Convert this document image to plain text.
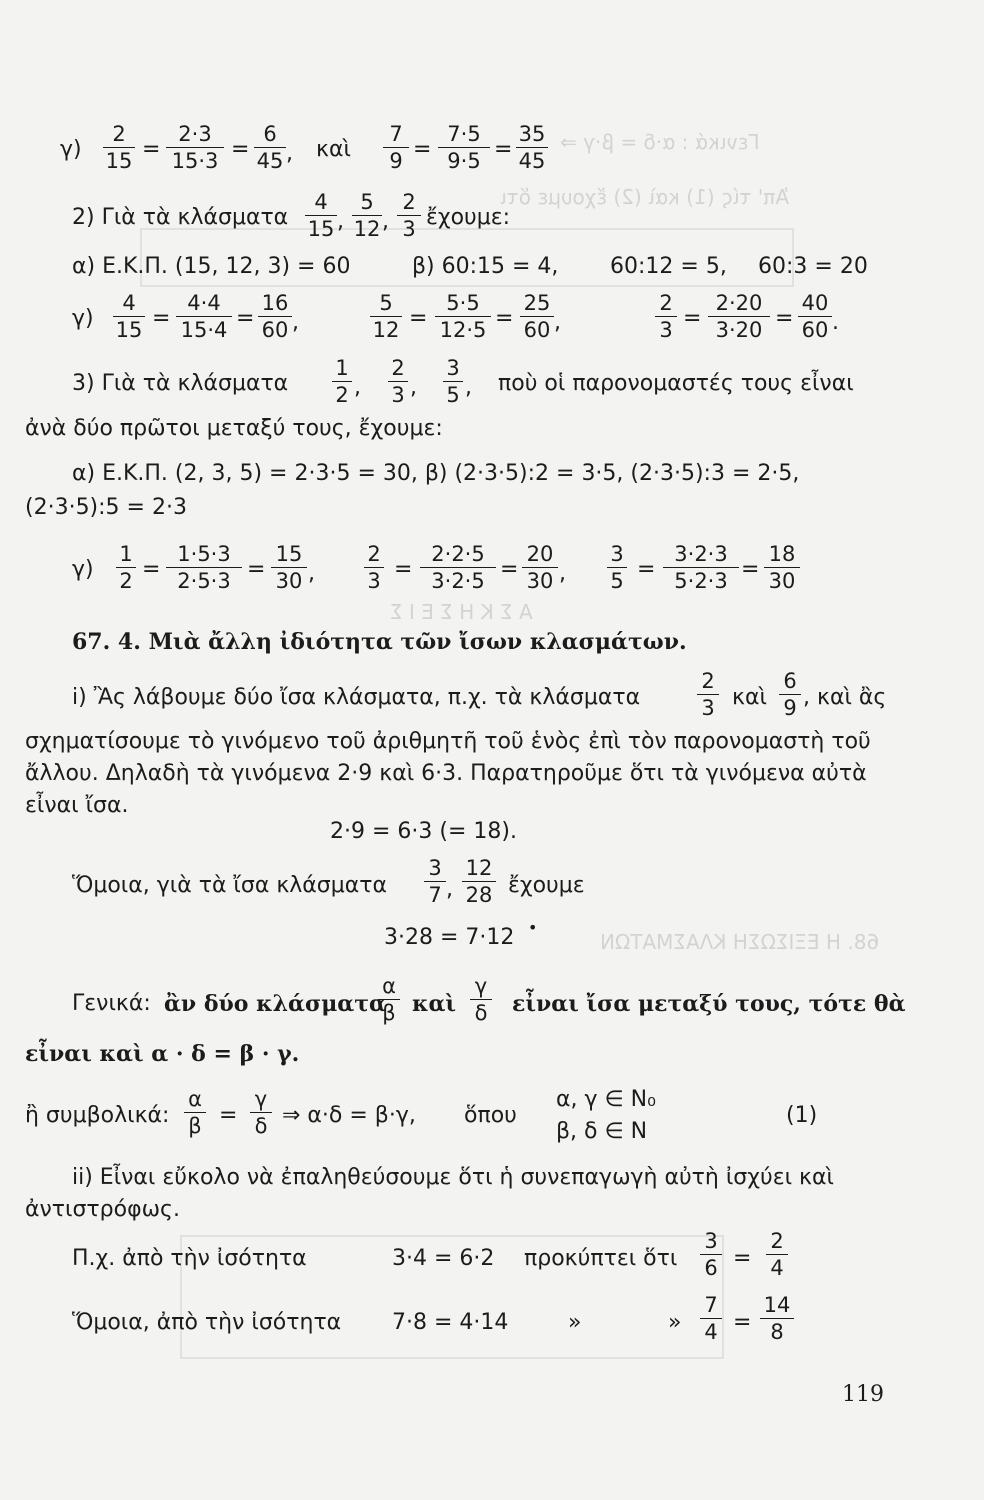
Γενικά : α·δ = β·γ ⇒
Ἀπ' τίς (1) καὶ (2) ἔχουμε ὅτι
Α Σ Κ Η Σ Ε Ι Σ
68. Η ΕΞΙΣΩΣΗ ΚΛΑΣΜΑΤΩΝ
γ)
2
15 =
2·3
15·3 =
6
45 , καὶ
7
9 =
7·5
9·5 =
35
45
2) Γιὰ τὰ κλάσματα
4
15 ,
5
12 ,
2
3 ἔχουμε:
α) Ε.Κ.Π. (15, 12, 3) = 60	β) 60:15 = 4, 60:12 = 5, 60:3 = 20
γ)
4
15 =
4·4
15·4 =
16
60 ,
5
12 =
5·5
12·5 =
25
60 ,
2
3 =
2·20
3·20 =
40
60 .
3) Γιὰ τὰ κλάσματα
1
2 ,
2
3 ,
3
5 , ποὺ οἱ παρονομαστές τους εἶναι
ἀνὰ δύο πρῶτοι μεταξύ τους, ἔχουμε:
α) Ε.Κ.Π. (2, 3, 5) = 2·3·5 = 30, β) (2·3·5):2 = 3·5, (2·3·5):3 = 2·5,
(2·3·5):5 = 2·3
γ)
1
2 =
1·5·3
2·5·3 =
15
30 ,
2
3 =
2·2·5
3·2·5 =
20
30 ,
3
5 =
3·2·3
5·2·3 =
18
30
67. 4. Μιὰ ἄλλη ἰδιότητα τῶν ἴσων κλασμάτων.
i) Ἂς λάβουμε δύο ἴσα κλάσματα, π.χ. τὰ κλάσματα
2
3 καὶ
6
9 , καὶ ἂς
σχηματίσουμε τὸ γινόμενο τοῦ ἀριθμητῆ τοῦ ἑνὸς ἐπὶ τὸν παρονομαστὴ τοῦ
ἄλλου. Δηλαδὴ τὰ γινόμενα 2·9 καὶ 6·3. Παρατηροῦμε ὅτι τὰ γινόμενα αὐτὰ
εἶναι ἴσα.
2·9 = 6·3 (= 18).
Ὅμοια, γιὰ τὰ ἴσα κλάσματα
3
7 ,
12
28 ἔχουμε
3·28 = 7·12 •
Γενικά: ἂν δύο κλάσματα
α
β καὶ
γ
δ εἶναι ἴσα μεταξύ τους, τότε θὰ
εἶναι καὶ α · δ = β · γ.
ἢ συμβολικά:
α
β =
γ
δ ⇒ α·δ = β·γ, ὅπου
α, γ ∈ N₀
β, δ ∈ N
(1)
ii) Εἶναι εὔκολο νὰ ἐπαληθεύσουμε ὅτι ἡ συνεπαγωγὴ αὐτὴ ἰσχύει καὶ
ἀντιστρόφως.
Π.χ. ἀπὸ τὴν ἰσότητα	3·4 = 6·2 προκύπτει ὅτι
3
6 =
2
4
Ὅμοια, ἀπὸ τὴν ἰσότητα 7·8 = 4·14	»	»
7
4 =
14
8
119
